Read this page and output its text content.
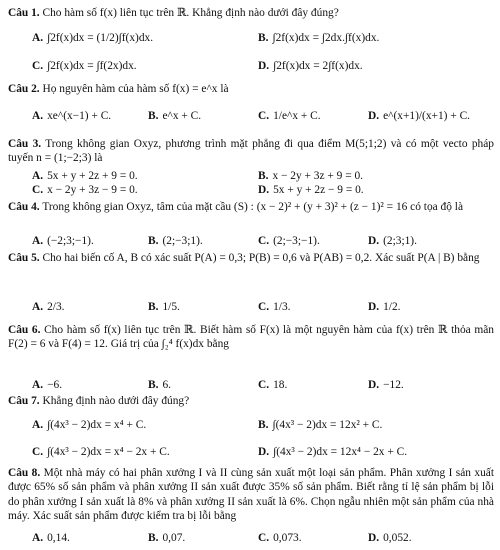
Câu 1. Cho hàm số f(x) liên tục trên ℝ. Khẳng định nào dưới đây đúng?
A . ∫2f(x)dx = (1/2)∫f(x)dx.	B . ∫2f(x)dx = ∫2dx.∫f(x)dx.
C . ∫2f(x)dx = ∫f(2x)dx.	D . ∫2f(x)dx = 2∫f(x)dx.
Câu 2. Họ nguyên hàm của hàm số f(x) = e^x là
A . xe^(x−1) + C.	B . e^x + C.	C . 1/e^x + C.	D . e^(x+1)/(x+1) + C.
Câu 3. Trong không gian Oxyz, phương trình mặt phẳng đi qua điểm M(5;1;2) và có một vecto pháp tuyến n = (1;−2;3) là
A . 5x + y + 2z + 9 = 0.	B . x − 2y + 3z + 9 = 0.
C . x − 2y + 3z − 9 = 0.	D . 5x + y + 2z − 9 = 0.
Câu 4. Trong không gian Oxyz, tâm của mặt cầu (S) : (x − 2)² + (y + 3)² + (z − 1)² = 16 có tọa độ là
A . (−2;3;−1).	B . (2;−3;1).	C . (2;−3;−1).	D . (2;3;1).
Câu 5. Cho hai biến cố A, B có xác suất P(A) = 0,3; P(B) = 0,6 và P(AB) = 0,2. Xác suất P(A | B) bằng
A . 2/3.	B . 1/5.	C . 1/3.	D . 1/2.
Câu 6. Cho hàm số f(x) liên tục trên ℝ. Biết hàm số F(x) là một nguyên hàm của f(x) trên ℝ thỏa mãn F(2) = 6 và F(4) = 12. Giá trị của ∫₂⁴ f(x)dx bằng
A . −6.	B . 6.	C . 18.	D . −12.
Câu 7. Khẳng định nào dưới đây đúng?
A . ∫(4x³ − 2)dx = x⁴ + C.	B . ∫(4x³ − 2)dx = 12x² + C.
C . ∫(4x³ − 2)dx = x⁴ − 2x + C.	D . ∫(4x³ − 2)dx = 12x⁴ − 2x + C.
Câu 8. Một nhà máy có hai phân xưởng I và II cùng sản xuất một loại sản phẩm. Phân xưởng I sản xuất được 65% số sản phẩm và phân xưởng II sản xuất được 35% số sản phẩm. Biết rằng tỉ lệ sản phẩm bị lỗi do phân xưởng I sản xuất là 8% và phân xưởng II sản xuất là 6%. Chọn ngẫu nhiên một sản phẩm của nhà máy. Xác suất sản phẩm được kiểm tra bị lỗi bằng
A . 0,14.	B . 0,07.	C . 0,073.	D . 0,052.
